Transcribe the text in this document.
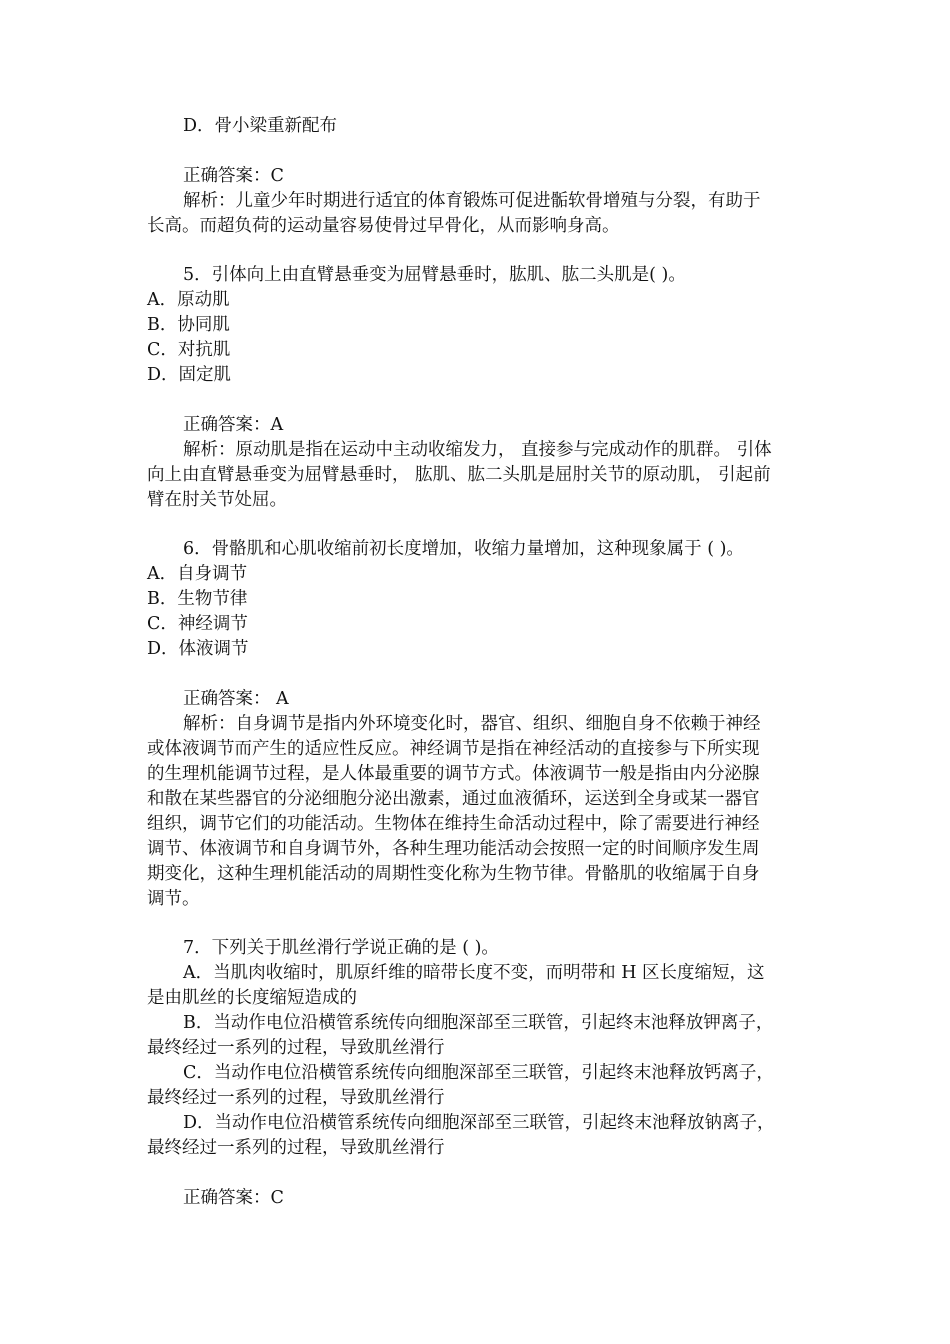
D．骨小梁重新配布
正确答案：C
解析：儿童少年时期进行适宜的体育锻炼可促进骺软骨增殖与分裂，有助于
长高。而超负荷的运动量容易使骨过早骨化，从而影响身高。
5．引体向上由直臂悬垂变为屈臂悬垂时，肱肌、肱二头肌是( )。
A．原动肌
B．协同肌
C．对抗肌
D．固定肌
正确答案：A
解析：原动肌是指在运动中主动收缩发力， 直接参与完成动作的肌群。 引体
向上由直臂悬垂变为屈臂悬垂时， 肱肌、肱二头肌是屈肘关节的原动肌， 引起前
臂在肘关节处屈。
6．骨骼肌和心肌收缩前初长度增加，收缩力量增加，这种现象属于 ( )。
A．自身调节
B．生物节律
C．神经调节
D．体液调节
正确答案： A
解析：自身调节是指内外环境变化时，器官、组织、细胞自身不依赖于神经
或体液调节而产生的适应性反应。神经调节是指在神经活动的直接参与下所实现
的生理机能调节过程，是人体最重要的调节方式。体液调节一般是指由内分泌腺
和散在某些器官的分泌细胞分泌出激素，通过血液循环，运送到全身或某一器官
组织，调节它们的功能活动。生物体在维持生命活动过程中，除了需要进行神经
调节、体液调节和自身调节外，各种生理功能活动会按照一定的时间顺序发生周
期变化，这种生理机能活动的周期性变化称为生物节律。骨骼肌的收缩属于自身
调节。
7．下列关于肌丝滑行学说正确的是 ( )。
A．当肌肉收缩时，肌原纤维的暗带长度不变，而明带和 H 区长度缩短，这
是由肌丝的长度缩短造成的
B．当动作电位沿横管系统传向细胞深部至三联管，引起终末池释放钾离子，
最终经过一系列的过程，导致肌丝滑行
C．当动作电位沿横管系统传向细胞深部至三联管，引起终末池释放钙离子，
最终经过一系列的过程，导致肌丝滑行
D．当动作电位沿横管系统传向细胞深部至三联管，引起终末池释放钠离子，
最终经过一系列的过程，导致肌丝滑行
正确答案：C
